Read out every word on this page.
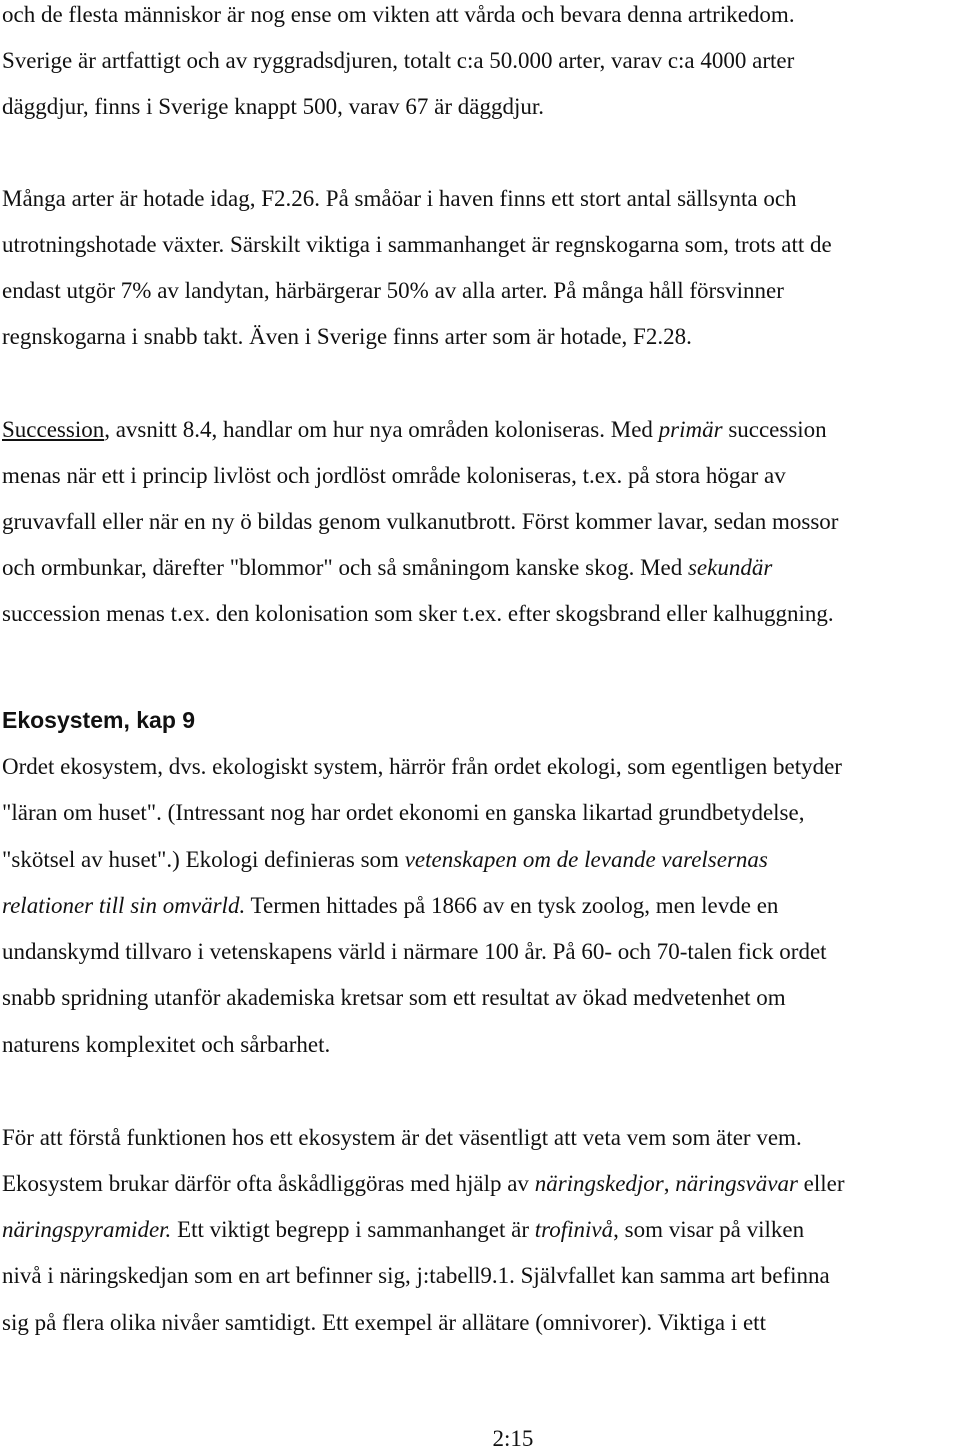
och de flesta människor är nog ense om vikten att vårda och bevara denna artrikedom.
Sverige är artfattigt och av ryggradsdjuren, totalt c:a 50.000 arter, varav c:a 4000 arter
däggdjur, finns i Sverige knappt 500, varav 67 är däggdjur.
Många arter är hotade idag, F2.26. På småöar i haven finns ett stort antal sällsynta och
utrotningshotade växter. Särskilt viktiga i sammanhanget är regnskogarna som, trots att de
endast utgör 7% av landytan, härbärgerar 50% av alla arter. På många håll försvinner
regnskogarna i snabb takt. Även i Sverige finns arter som är hotade, F2.28.
Succession, avsnitt 8.4, handlar om hur nya områden koloniseras. Med primär succession
menas när ett i princip livlöst och jordlöst område koloniseras, t.ex. på stora högar av
gruvavfall eller när en ny ö bildas genom vulkanutbrott. Först kommer lavar, sedan mossor
och ormbunkar, därefter "blommor" och så småningom kanske skog. Med sekundär
succession menas t.ex. den kolonisation som sker t.ex. efter skogsbrand eller kalhuggning.
Ekosystem, kap 9
Ordet ekosystem, dvs. ekologiskt system, härrör från ordet ekologi, som egentligen betyder
"läran om huset". (Intressant nog har ordet ekonomi en ganska likartad grundbetydelse,
"skötsel av huset".) Ekologi definieras som vetenskapen om de levande varelsernas
relationer till sin omvärld. Termen hittades på 1866 av en tysk zoolog, men levde en
undanskymd tillvaro i vetenskapens värld i närmare 100 år. På 60- och 70-talen fick ordet
snabb spridning utanför akademiska kretsar som ett resultat av ökad medvetenhet om
naturens komplexitet och sårbarhet.
För att förstå funktionen hos ett ekosystem är det väsentligt att veta vem som äter vem.
Ekosystem brukar därför ofta åskådliggöras med hjälp av näringskedjor, näringsvävar eller
näringspyramider. Ett viktigt begrepp i sammanhanget är trofinivå, som visar på vilken
nivå i näringskedjan som en art befinner sig, j:tabell9.1. Självfallet kan samma art befinna
sig på flera olika nivåer samtidigt. Ett exempel är allätare (omnivorer). Viktiga i ett
2:15
